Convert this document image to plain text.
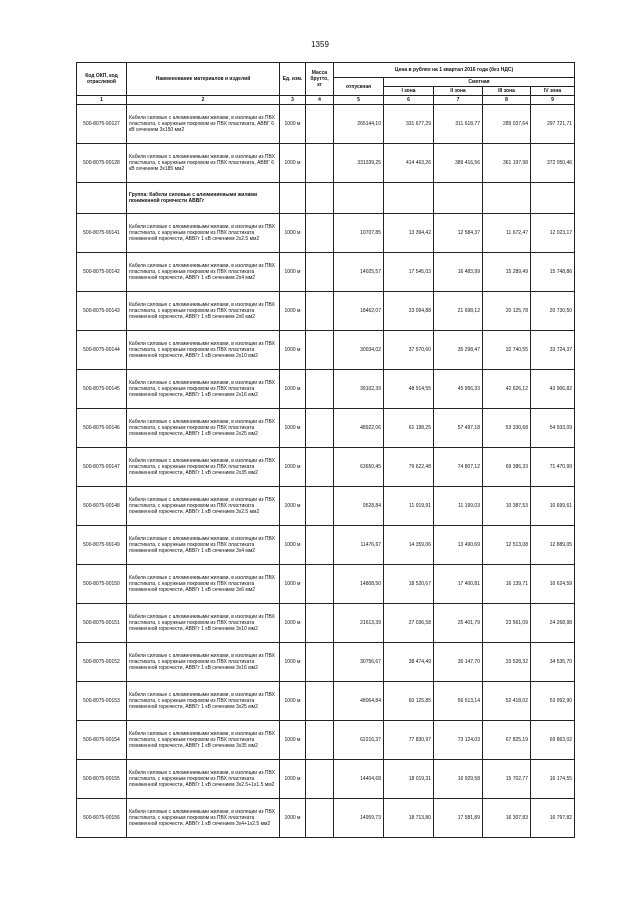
1359
Код ОКП, код отраслевой	Наименование материалов и изделий	Ед. изм.	Масса брутто, кг	Цена в рублях на 1 квартал 2016 года (без НДС)				
				отпускная	Сметная			
					I зона	II зона	III зона	IV зона
1	2	3	4	5	6	7	8	9
500-8075-90127	Кабели силовые с алюминиевыми жилами, в изоляции из ПВХ пластиката, с наружным покровом из ПВХ пластиката, АВВГ 6 кВ сечением 3х150 мм2	1000 м		265144,10	331 677,29	311 618,77	289 037,64	297 721,71
500-8075-90128	Кабели силовые с алюминиевыми жилами, в изоляции из ПВХ пластиката, с наружным покровом из ПВХ пластиката, АВВГ 6 кВ сечением 3х185 мм2	1000 м		331339,25	414 463,26	389 416,56	361 197,98	372 050,46
	Группа: Кабели силовые с алюминиевыми жилами пониженной горючести АВВГг							
500-8075-90141	Кабели силовые с алюминиевыми жилами, в изоляции из ПВХ пластиката, с наружным покровом из ПВХ пластиката пониженной горючести, АВВГг 1 кВ сечением 2х2.5 мм2	1000 м		10707,85	13 394,42	12 584,37	11 672,47	12 023,17
500-8075-90142	Кабели силовые с алюминиевыми жилами, в изоляции из ПВХ пластиката, с наружным покровом из ПВХ пластиката пониженной горючести, АВВГг 1 кВ сечением 2х4 мм2	1000 м		14025,57	17 545,03	16 483,99	15 289,49	15 748,86
500-8075-90143	Кабели силовые с алюминиевыми жилами, в изоляции из ПВХ пластиката, с наружным покровом из ПВХ пластиката пониженной горючести, АВВГг 1 кВ сечением 2х6 мм2	1000 м		18462,07	23 094,88	21 698,12	20 125,78	20 730,50
500-8075-90144	Кабели силовые с алюминиевыми жилами, в изоляции из ПВХ пластиката, с наружным покровом из ПВХ пластиката пониженной горючести, АВВГг 1 кВ сечением 2х10 мм2	1000 м		30034,02	37 570,60	35 298,47	32 740,55	33 724,37
500-8075-90145	Кабели силовые с алюминиевыми жилами, в изоляции из ПВХ пластиката, с наружным покровом из ПВХ пластиката пониженной горючести, АВВГг 1 кВ сечением 2х16 мм2	1000 м		39102,39	48 914,55	45 956,33	42 626,12	43 906,82
500-8075-90146	Кабели силовые с алюминиевыми жилами, в изоляции из ПВХ пластиката, с наружным покровом из ПВХ пластиката пониженной горючести, АВВГг 1 кВ сечением 2х25 мм2	1000 м		48922,06	61 198,25	57 497,18	53 330,68	54 933,09
500-8075-90147	Кабели силовые с алюминиевыми жилами, в изоляции из ПВХ пластиката, с наружным покровом из ПВХ пластиката пониженной горючести, АВВГг 1 кВ сечением 2х35 мм2	1000 м		63650,45	79 622,48	74 807,12	69 386,33	71 470,99
500-8075-90148	Кабели силовые с алюминиевыми жилами, в изоляции из ПВХ пластиката, с наружным покровом из ПВХ пластиката пониженной горючести, АВВГг 1 кВ сечением 3х2.5 мм2	1000 м		9528,84	11 919,91	11 199,03	10 387,53	10 699,61
500-8075-90149	Кабели силовые с алюминиевыми жилами, в изоляции из ПВХ пластиката, с наружным покровом из ПВХ пластиката пониженной горючести, АВВГг 1 кВ сечением 3х4 мм2	1000 м		11476,67	14 359,06	13 490,69	12 513,08	12 889,05
500-8075-90150	Кабели силовые с алюминиевыми жилами, в изоляции из ПВХ пластиката, с наружным покровом из ПВХ пластиката пониженной горючести, АВВГг 1 кВ сечением 3х6 мм2	1000 м		14808,50	18 520,67	17 400,81	16 139,71	16 624,59
500-8075-90151	Кабели силовые с алюминиевыми жилами, в изоляции из ПВХ пластиката, с наружным покровом из ПВХ пластиката пониженной горючести, АВВГг 1 кВ сечением 3х10 мм2	1000 м		21613,39	27 036,58	25 401,79	23 561,09	24 268,98
500-8075-90152	Кабели силовые с алюминиевыми жилами, в изоляции из ПВХ пластиката, с наружным покровом из ПВХ пластиката пониженной горючести, АВВГг 1 кВ сечением 3х16 мм2	1000 м		30756,67	38 474,49	36 147,70	33 528,32	34 535,70
500-8075-90153	Кабели силовые с алюминиевыми жилами, в изоляции из ПВХ пластиката, с наружным покровом из ПВХ пластиката пониженной горючести, АВВГг 1 кВ сечением 3х25 мм2	1000 м		48064,84	60 125,85	56 513,14	52 418,02	53 992,90
500-8075-90154	Кабели силовые с алюминиевыми жилами, в изоляции из ПВХ пластиката, с наружным покровом из ПВХ пластиката пониженной горючести, АВВГг 1 кВ сечением 3х35 мм2	1000 м		62216,37	77 830,97	73 124,03	67 825,19	69 863,02
500-8075-90155	Кабели силовые с алюминиевыми жилами, в изоляции из ПВХ пластиката, с наружным покровом из ПВХ пластиката пониженной горючести, АВВГг 1 кВ сечением 3х2.5+1х1.5 мм2	1000 м		14404,68	18 019,31	16 929,58	15 702,77	16 174,55
500-8075-90156	Кабели силовые с алюминиевыми жилами, в изоляции из ПВХ пластиката, с наружным покровом из ПВХ пластиката пониженной горючести, АВВГг 1 кВ сечением 3х4+1х2.5 мм2	1000 м		14959,73	18 713,80	17 581,89	16 307,83	16 797,82
